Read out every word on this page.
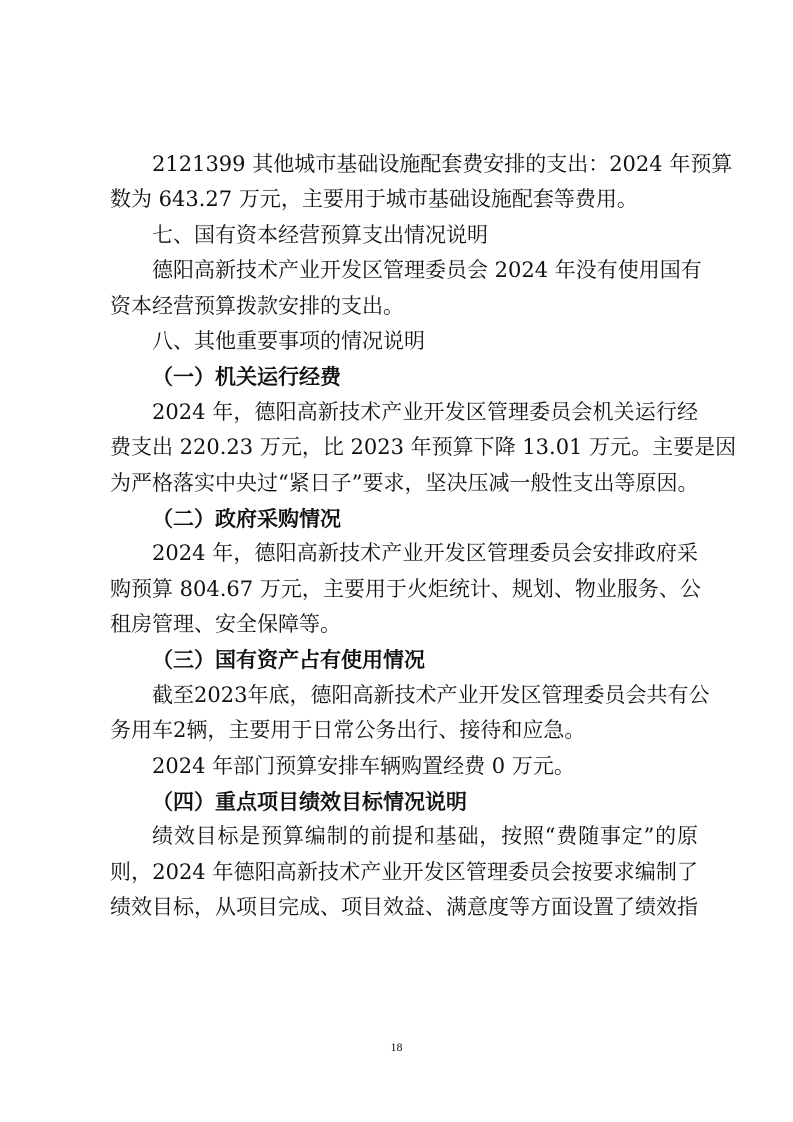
2121399 其他城市基础设施配套费安排的支出：2024 年预算
数为 643.27 万元，主要用于城市基础设施配套等费用。
七、国有资本经营预算支出情况说明
德阳高新技术产业开发区管理委员会 2024 年没有使用国有
资本经营预算拨款安排的支出。
八、其他重要事项的情况说明
（一）机关运行经费
2024 年，德阳高新技术产业开发区管理委员会机关运行经
费支出 220.23 万元，比 2023 年预算下降 13.01 万元。主要是因
为严格落实中央过“紧日子”要求，坚决压减一般性支出等原因。
（二）政府采购情况
2024 年，德阳高新技术产业开发区管理委员会安排政府采
购预算 804.67 万元，主要用于火炬统计、规划、物业服务、公
租房管理、安全保障等。
（三）国有资产占有使用情况
截至2023年底，德阳高新技术产业开发区管理委员会共有公
务用车2辆，主要用于日常公务出行、接待和应急。
2024 年部门预算安排车辆购置经费 0 万元。
（四）重点项目绩效目标情况说明
绩效目标是预算编制的前提和基础，按照“费随事定”的原
则，2024 年德阳高新技术产业开发区管理委员会按要求编制了
绩效目标，从项目完成、项目效益、满意度等方面设置了绩效指
18
